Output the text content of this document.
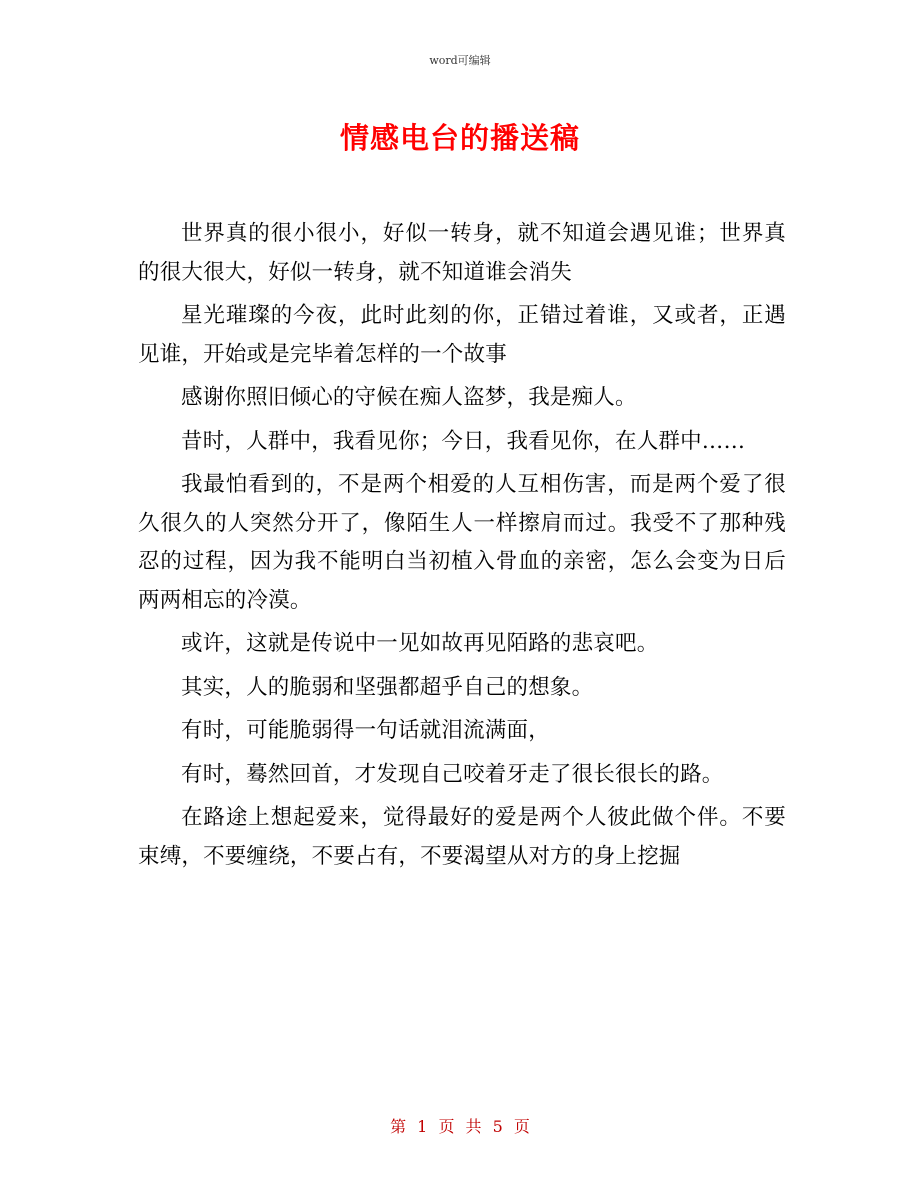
word可编辑
情感电台的播送稿

世界真的很小很小，好似一转身，就不知道会遇见谁；世界真的很大很大，好似一转身，就不知道谁会消失

星光璀璨的今夜，此时此刻的你，正错过着谁，又或者，正遇见谁，开始或是完毕着怎样的一个故事

感谢你照旧倾心的守候在痴人盗梦，我是痴人。

昔时，人群中，我看见你；今日，我看见你，在人群中……

我最怕看到的，不是两个相爱的人互相伤害，而是两个爱了很久很久的人突然分开了，像陌生人一样擦肩而过。我受不了那种残忍的过程，因为我不能明白当初植入骨血的亲密，怎么会变为日后两两相忘的冷漠。

或许，这就是传说中一见如故再见陌路的悲哀吧。

其实，人的脆弱和坚强都超乎自己的想象。

有时，可能脆弱得一句话就泪流满面，

有时，蓦然回首，才发现自己咬着牙走了很长很长的路。

在路途上想起爱来，觉得最好的爱是两个人彼此做个伴。不要束缚，不要缠绕，不要占有，不要渴望从对方的身上挖掘

第 1 页 共 5 页
